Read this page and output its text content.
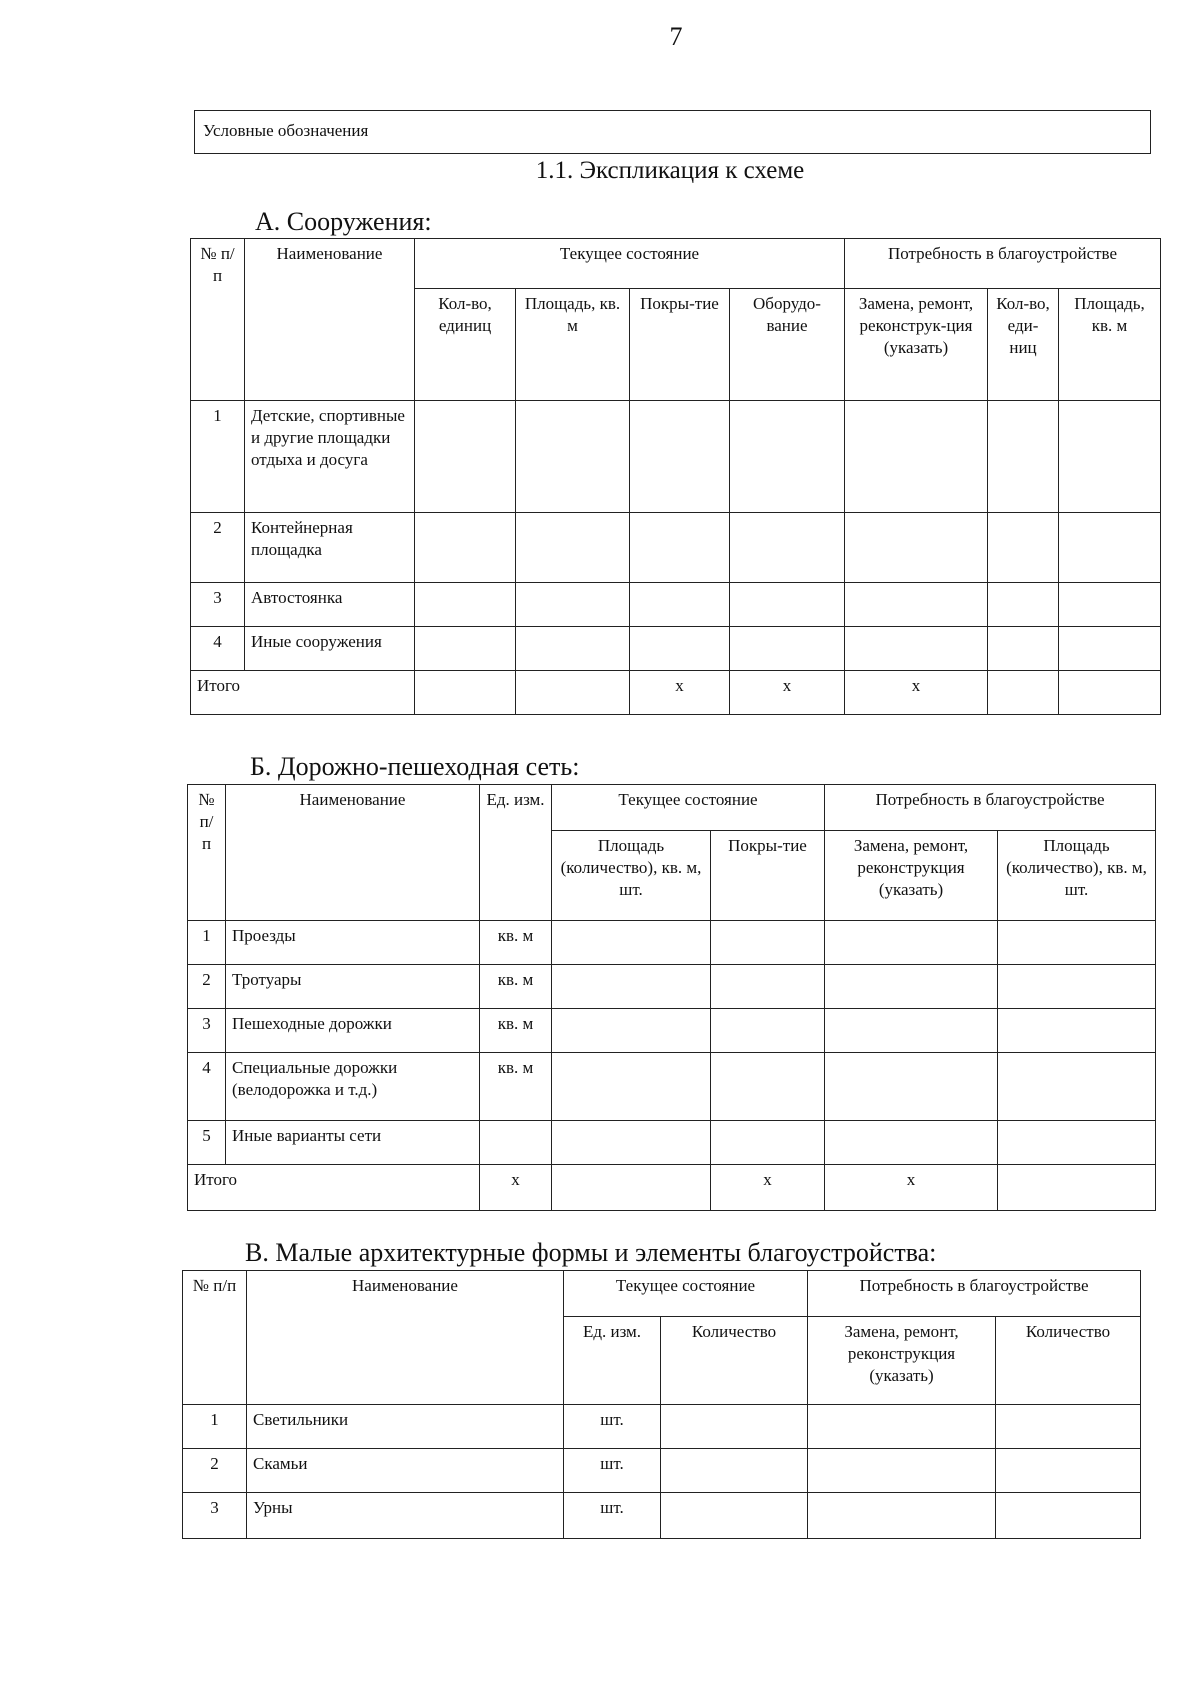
7
Условные обозначения
1.1. Экспликация к схеме
А. Сооружения:
№ п/п	Наименование	Текущее состояние				Потребность в благоустройстве		
		Кол-во, единиц	Площадь, кв. м	Покры-тие	Оборудо-вание	Замена, ремонт, реконструк-ция (указать)	Кол-во, еди-ниц	Площадь, кв. м
1	Детские, спортивные и другие площадки отдыха и досуга							
2	Контейнерная площадка							
3	Автостоянка							
4	Иные сооружения							
Итого				x	x	x		
Б. Дорожно-пешеходная сеть:
№ п/ п	Наименование	Ед. изм.	Текущее состояние		Потребность в благоустройстве	
			Площадь (количество), кв. м, шт.	Покры-тие	Замена, ремонт, реконструкция (указать)	Площадь (количество), кв. м, шт.
1	Проезды	кв. м				
2	Тротуары	кв. м				
3	Пешеходные дорожки	кв. м				
4	Специальные дорожки (велодорожка и т.д.)	кв. м				
5	Иные варианты сети					
Итого		x		x	x	
В. Малые архитектурные формы и элементы благоустройства:
№ п/п	Наименование	Текущее состояние		Потребность в благоустройстве	
		Ед. изм.	Количество	Замена, ремонт, реконструкция (указать)	Количество
1	Светильники	шт.			
2	Скамьи	шт.			
3	Урны	шт.			
